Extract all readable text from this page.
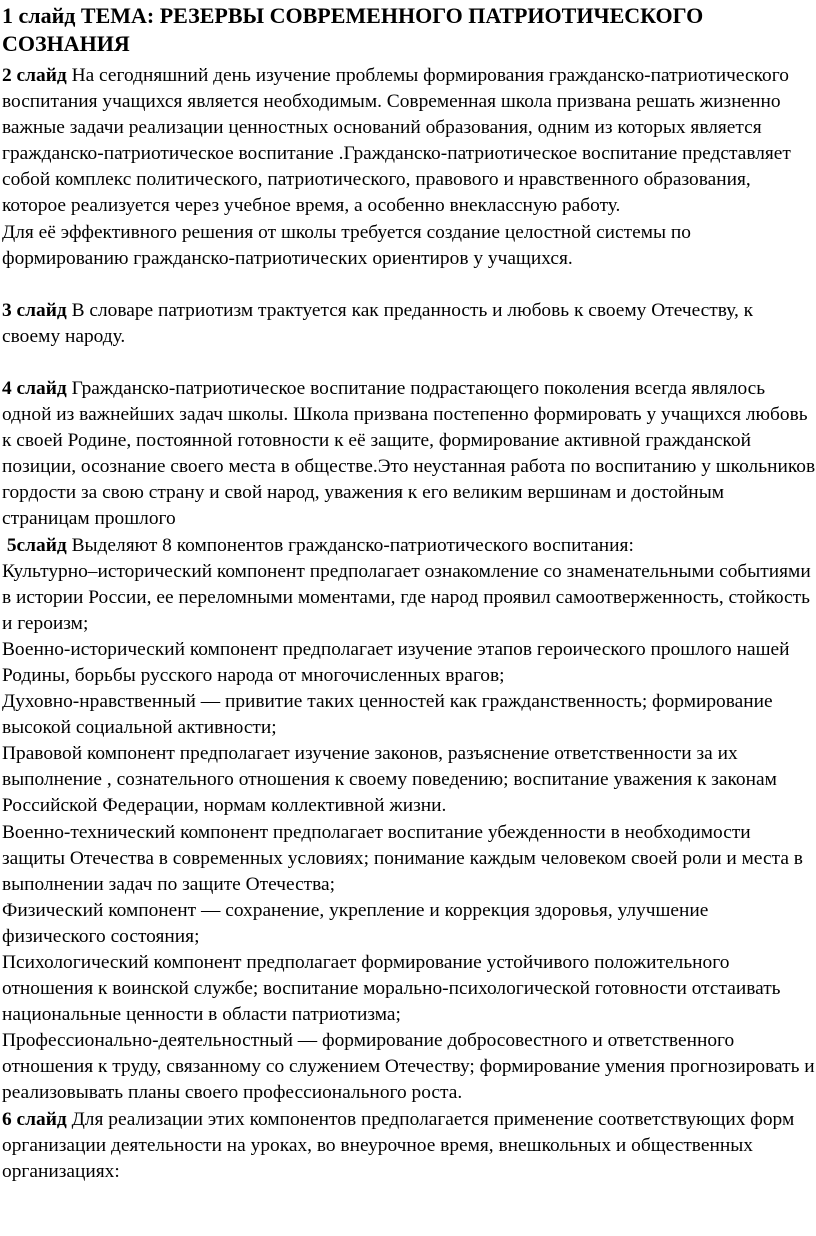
1 слайд ТЕМА: РЕЗЕРВЫ СОВРЕМЕННОГО ПАТРИОТИЧЕСКОГО СОЗНАНИЯ

2 слайд На сегодняшний день изучение проблемы формирования гражданско-патриотического воспитания учащихся является необходимым. Современная школа призвана решать жизненно важные задачи реализации ценностных оснований образования, одним из которых является гражданско-патриотическое воспитание .Гражданско-патриотическое воспитание представляет собой комплекс политического, патриотического, правового и нравственного образования, которое реализуется через учебное время, а особенно внеклассную работу.

Для её эффективного решения от школы требуется создание целостной системы по формированию гражданско-патриотических ориентиров у учащихся.

3 слайд В словаре патриотизм трактуется как преданность и любовь к своему Отечеству, к своему народу.

4 слайд Гражданско-патриотическое воспитание подрастающего поколения всегда являлось одной из важнейших задач школы. Школа призвана постепенно формировать у учащихся любовь к своей Родине, постоянной готовности к её защите, формирование активной гражданской позиции, осознание своего места в обществе.Это неустанная работа по воспитанию у школьников гордости за свою страну и свой народ, уважения к его великим вершинам и достойным страницам прошлого

5слайд Выделяют 8 компонентов гражданско-патриотического воспитания:

Культурно–исторический компонент предполагает ознакомление со знаменательными событиями в истории России, ее переломными моментами, где народ проявил самоотверженность, стойкость и героизм;

Военно-исторический компонент предполагает изучение этапов героического прошлого нашей Родины, борьбы русского народа от многочисленных врагов;

Духовно-нравственный — привитие таких ценностей как гражданственность; формирование высокой социальной активности;

Правовой компонент предполагает изучение законов, разъяснение ответственности за их выполнение , сознательного отношения к своему поведению; воспитание уважения к законам Российской Федерации, нормам коллективной жизни.

Военно-технический компонент предполагает воспитание убежденности в необходимости защиты Отечества в современных условиях; понимание каждым человеком своей роли и места в выполнении задач по защите Отечества;

Физический компонент — сохранение, укрепление и коррекция здоровья, улучшение физического состояния;

Психологический компонент предполагает формирование устойчивого положительного отношения к воинской службе; воспитание морально-психологической готовности отстаивать национальные ценности в области патриотизма;

Профессионально-деятельностный — формирование добросовестного и ответственного отношения к труду, связанному со служением Отечеству; формирование умения прогнозировать и реализовывать планы своего профессионального роста.

6 слайд Для реализации этих компонентов предполагается применение соответствующих форм организации деятельности на уроках, во внеурочное время, внешкольных и общественных организациях:
